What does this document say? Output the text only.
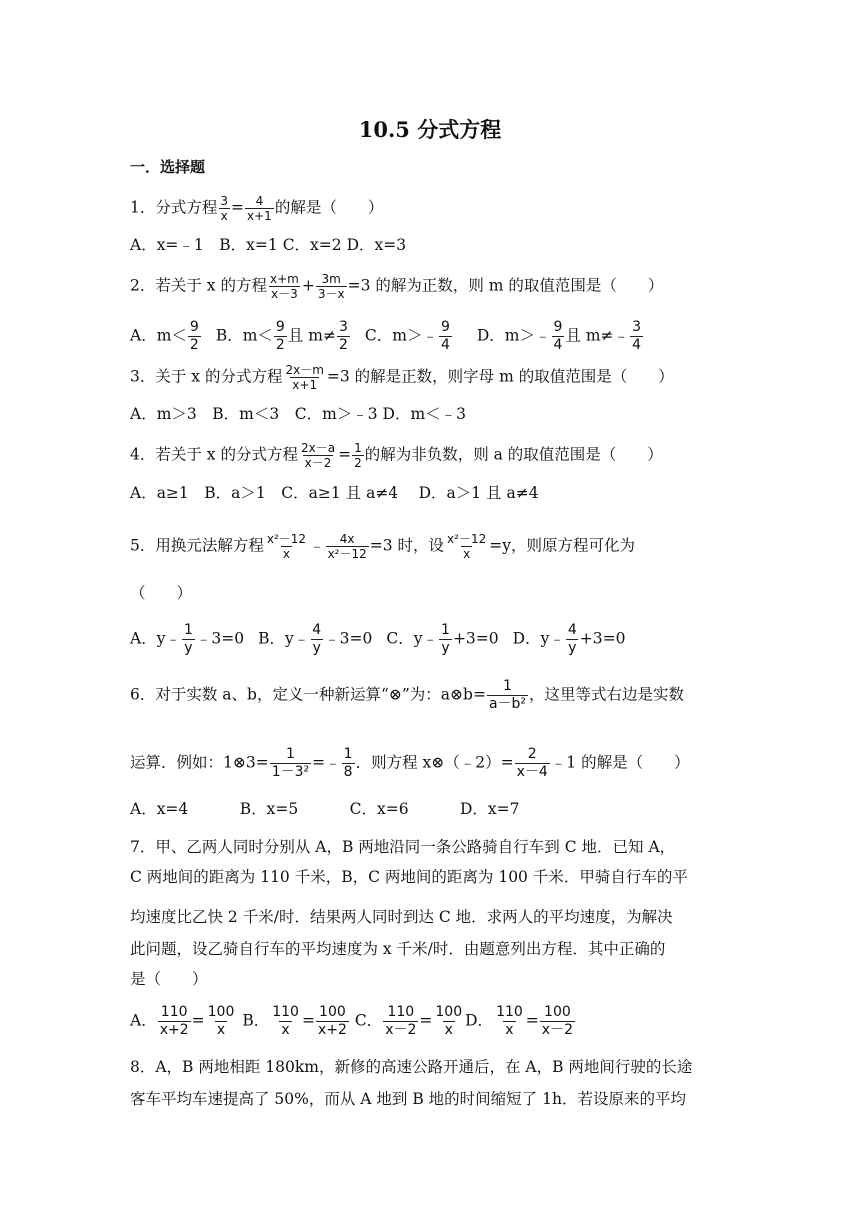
10.5 分式方程
一．选择题
1．分式方程 $\frac{3}{x} = \frac{4}{x+1}$ 的解是（　　）
A．x=﹣1　B．x=1 C．x=2 D．x=3
2．若关于 x 的方程 $\frac{x+m}{x-3} + \frac{3m}{3-x} =3$ 的解为正数，则 m 的取值范围是（　　）
A．$m< \frac{9}{2}$ B．$m< \frac{9}{2}$ 且 $m\ne \frac{3}{2}$ C．m＞﹣ $\frac{9}{4}$ D．m＞﹣ $\frac{9}{4}$ 且 m≠﹣ $\frac{3}{4}$
3．关于 x 的分式方程 $\frac{2x-m}{x+1} =3$ 的解是正数，则字母 m 的取值范围是（　　）
A．m＞3　B．m＜3　C．m＞﹣3 D．m＜﹣3
4．若关于 x 的分式方程 $\frac{2x-a}{x-2} = \frac{1}{2}$ 的解为非负数，则 a 的取值范围是（　　）
A．a≥1　B．a＞1　C．a≥1 且 a≠4　 D．a＞1 且 a≠4
5．用换元法解方程 $\frac{\text{x²－12}}{x}$ ﹣ $\frac{4x}{\text{x²－12}} =3$ 时，设 $\frac{\text{x²－12}}{x} =y$，则原方程可化为
（　　）
A．y﹣ $\frac{1}{y}$ ﹣3=0 B．y﹣ $\frac{4}{y}$ ﹣3=0 C．y﹣ $\frac{1}{y} +3=0$ D．y﹣ $\frac{4}{y} +3=0$
6．对于实数 a、b，定义一种新运算“⊗”为：a⊗b= $\frac{1}{\text{a－b²}}$ ，这里等式右边是实数
运算．例如：1⊗3= $\frac{1}{\text{1－3²}}$ =﹣ $\frac{1}{8}$ ．则方程 x⊗（﹣2）= $\frac{2}{x-4}$ ﹣1 的解是（　　）
A．x=4　　　 B．x=5　　　 C．x=6　　　 D．x=7
7．甲、乙两人同时分别从 A，B 两地沿同一条公路骑自行车到 C 地．已知 A，
C 两地间的距离为 110 千米，B，C 两地间的距离为 100 千米．甲骑自行车的平
均速度比乙快 2 千米/时．结果两人同时到达 C 地．求两人的平均速度，为解决
此问题，设乙骑自行车的平均速度为 x 千米/时．由题意列出方程．其中正确的
是（　　）
A． $\frac{110}{x+2} = \frac{100}{x}$ B． $\frac{110}{x} = \frac{100}{x+2}$ C． $\frac{110}{x-2} = \frac{100}{x}$ D． $\frac{110}{x} = \frac{100}{x-2}$
8．A，B 两地相距 180km，新修的高速公路开通后，在 A，B 两地间行驶的长途
客车平均车速提高了 50%，而从 A 地到 B 地的时间缩短了 1h．若设原来的平均
